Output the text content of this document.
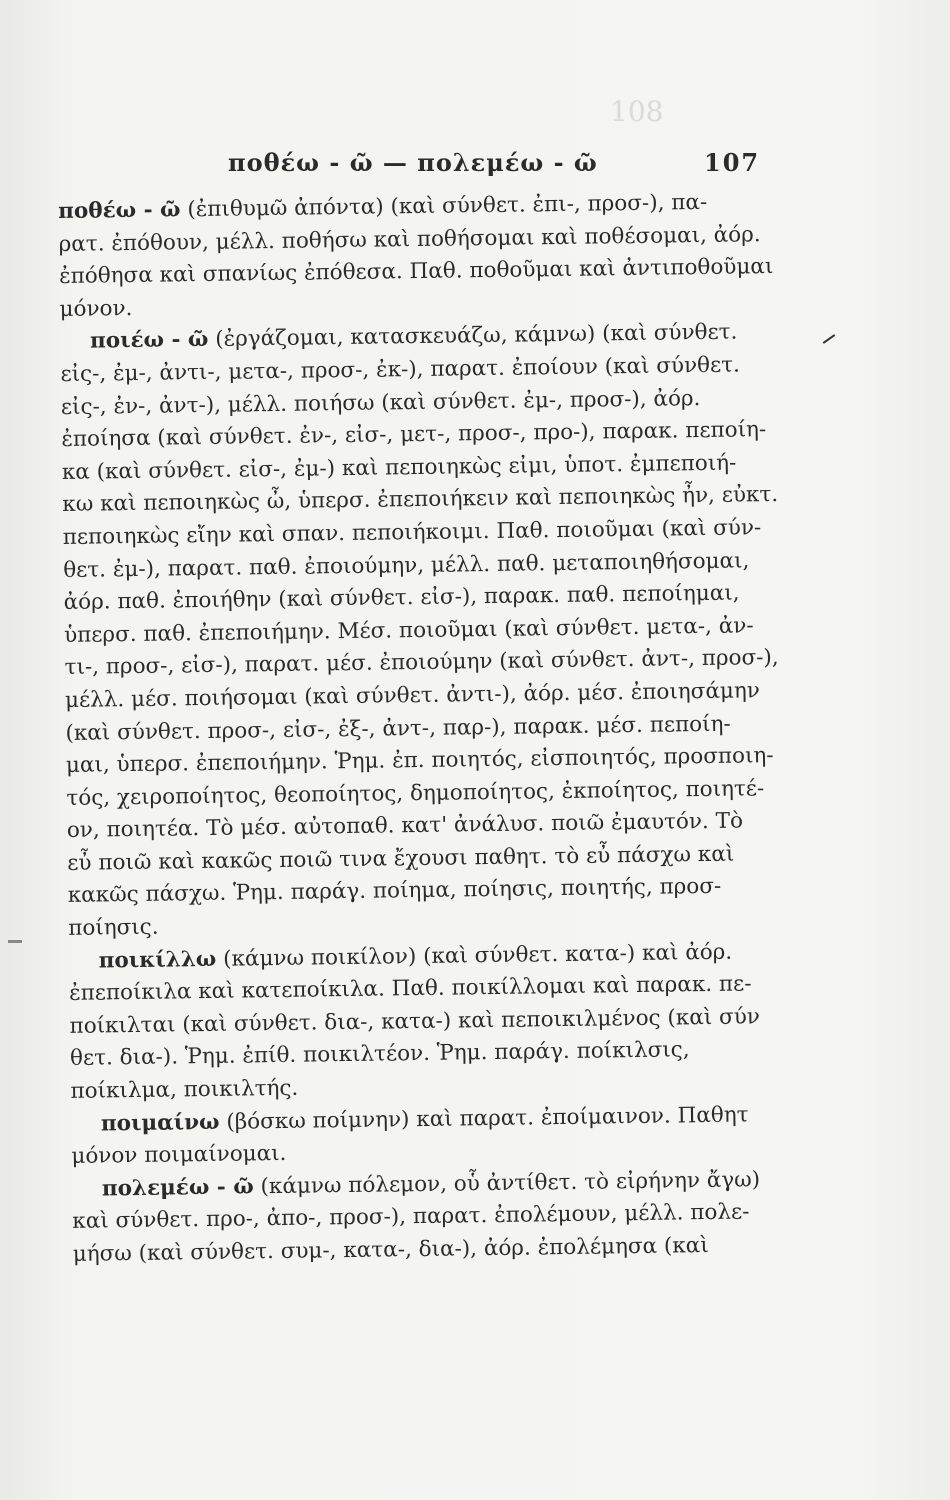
108
ποθέω - ῶ — πολεμέω - ῶ	107
ποθέω - ῶ (ἐπιθυμῶ ἀπόντα) (καὶ σύνθετ. ἐπι-, προσ-), πα-
ρατ. ἐπόθουν, μέλλ. ποθήσω καὶ ποθήσομαι καὶ ποθέσομαι, ἀόρ.
ἐπόθησα καὶ σπανίως ἐπόθεσα. Παθ. ποθοῦμαι καὶ ἀντιποθοῦμαι
μόνον.
ποιέω - ῶ (ἐργάζομαι, κατασκευάζω, κάμνω) (καὶ σύνθετ.
εἰς-, ἐμ-, ἀντι-, μετα-, προσ-, ἐκ-), παρατ. ἐποίουν (καὶ σύνθετ.
εἰς-, ἐν-, ἀντ-), μέλλ. ποιήσω (καὶ σύνθετ. ἐμ-, προσ-), ἀόρ.
ἐποίησα (καὶ σύνθετ. ἐν-, εἰσ-, μετ-, προσ-, προ-), παρακ. πεποίη-
κα (καὶ σύνθετ. εἰσ-, ἐμ-) καὶ πεποιηκὼς εἰμι, ὑποτ. ἐμπεποιή-
κω καὶ πεποιηκὼς ὦ, ὑπερσ. ἐπεποιήκειν καὶ πεποιηκὼς ἦν, εὐκτ.
πεποιηκὼς εἴην καὶ σπαν. πεποιήκοιμι. Παθ. ποιοῦμαι (καὶ σύν-
θετ. ἐμ-), παρατ. παθ. ἐποιούμην, μέλλ. παθ. μεταποιηθήσομαι,
ἀόρ. παθ. ἐποιήθην (καὶ σύνθετ. εἰσ-), παρακ. παθ. πεποίημαι,
ὑπερσ. παθ. ἐπεποιήμην. Μέσ. ποιοῦμαι (καὶ σύνθετ. μετα-, ἀν-
τι-, προσ-, εἰσ-), παρατ. μέσ. ἐποιούμην (καὶ σύνθετ. ἀντ-, προσ-),
μέλλ. μέσ. ποιήσομαι (καὶ σύνθετ. ἀντι-), ἀόρ. μέσ. ἐποιησάμην
(καὶ σύνθετ. προσ-, εἰσ-, ἐξ-, ἀντ-, παρ-), παρακ. μέσ. πεποίη-
μαι, ὑπερσ. ἐπεποιήμην. Ῥημ. ἐπ. ποιητός, εἰσποιητός, προσποιη-
τός, χειροποίητος, θεοποίητος, δημοποίητος, ἐκποίητος, ποιητέ-
ον, ποιητέα. Τὸ μέσ. αὐτοπαθ. κατ' ἀνάλυσ. ποιῶ ἐμαυτόν. Τὸ
εὖ ποιῶ καὶ κακῶς ποιῶ τινα ἔχουσι παθητ. τὸ εὖ πάσχω καὶ
κακῶς πάσχω. Ῥημ. παράγ. ποίημα, ποίησις, ποιητής, προσ-
ποίησις.
ποικίλλω (κάμνω ποικίλον) (καὶ σύνθετ. κατα-) καὶ ἀόρ.
ἐπεποίκιλα καὶ κατεποίκιλα. Παθ. ποικίλλομαι καὶ παρακ. πε-
ποίκιλται (καὶ σύνθετ. δια-, κατα-) καὶ πεποικιλμένος (καὶ σύν
θετ. δια-). Ῥημ. ἐπίθ. ποικιλτέον. Ῥημ. παράγ. ποίκιλσις,
ποίκιλμα, ποικιλτής.
ποιμαίνω (βόσκω ποίμνην) καὶ παρατ. ἐποίμαινον. Παθητ
μόνον ποιμαίνομαι.
πολεμέω - ῶ (κάμνω πόλεμον, οὗ ἀντίθετ. τὸ εἰρήνην ἄγω)
καὶ σύνθετ. προ-, ἀπο-, προσ-), παρατ. ἐπολέμουν, μέλλ. πολε-
μήσω (καὶ σύνθετ. συμ-, κατα-, δια-), ἀόρ. ἐπολέμησα (καὶ
